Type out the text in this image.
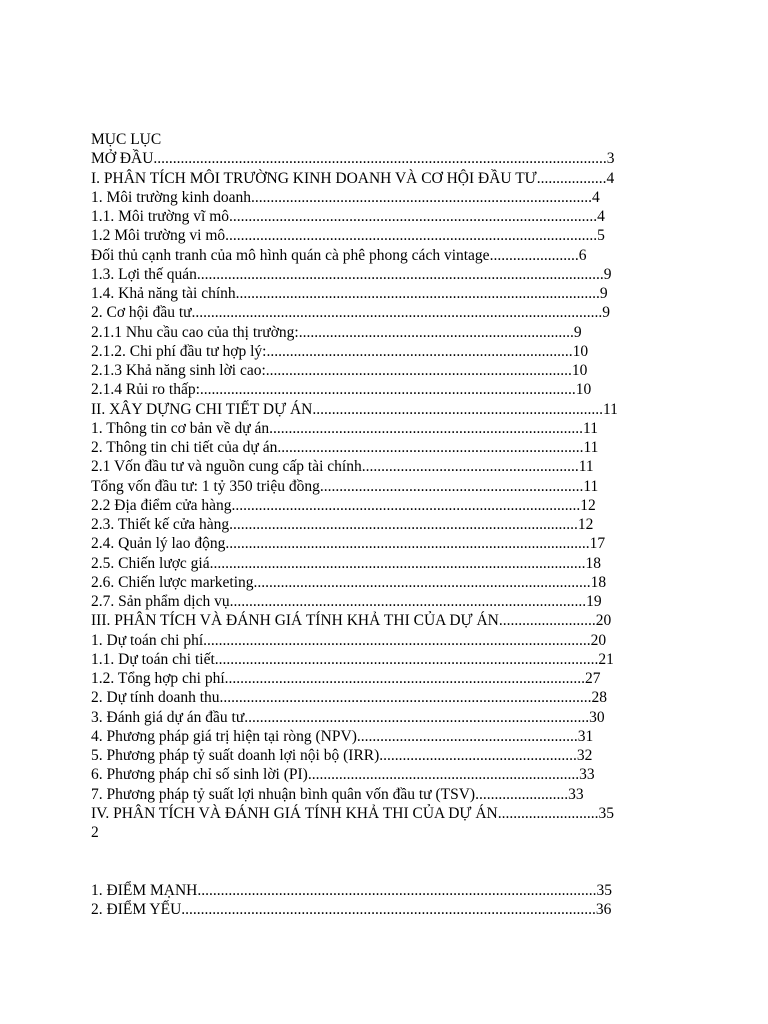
MỤC LỤC
MỞ ĐẦU.....................................................................................................................3
I. PHÂN TÍCH MÔI TRƯỜNG KINH DOANH VÀ CƠ HỘI ĐẦU TƯ..................4
1. Môi trường kinh doanh........................................................................................4
1.1. Môi trường vĩ mô...............................................................................................4
1.2 Môi trường vi mô................................................................................................5
Đối thủ cạnh tranh của mô hình quán cà phê phong cách vintage.......................6
1.3. Lợi thế quán.........................................................................................................9
1.4. Khả năng tài chính..............................................................................................9
2. Cơ hội đầu tư..........................................................................................................9
2.1.1 Nhu cầu cao của thị trường:.......................................................................9
2.1.2. Chi phí đầu tư hợp lý:...............................................................................10
2.1.3 Khả năng sinh lời cao:...............................................................................10
2.1.4 Rủi ro thấp:.................................................................................................10
II. XÂY DỰNG CHI TIẾT DỰ ÁN...........................................................................11
1. Thông tin cơ bản về dự án.................................................................................11
2. Thông tin chi tiết của dự án...............................................................................11
2.1 Vốn đầu tư và nguồn cung cấp tài chính........................................................11
Tổng vốn đầu tư: 1 tỷ 350 triệu đồng....................................................................11
2.2 Địa điểm cửa hàng..........................................................................................12
2.3. Thiết kế cửa hàng..........................................................................................12
2.4. Quản lý lao động..............................................................................................17
2.5. Chiến lược giá.................................................................................................18
2.6. Chiến lược marketing.......................................................................................18
2.7. Sản phẩm dịch vụ............................................................................................19
III. PHÂN TÍCH VÀ ĐÁNH GIÁ TÍNH KHẢ THI CỦA DỰ ÁN.........................20
1. Dự toán chi phí....................................................................................................20
1.1. Dự toán chi tiết...................................................................................................21
1.2. Tổng hợp chi phí.............................................................................................27
2. Dự tính doanh thu................................................................................................28
3. Đánh giá dự án đầu tư.........................................................................................30
4. Phương pháp giá trị hiện tại ròng (NPV).........................................................31
5. Phương pháp tỷ suất doanh lợi nội bộ (IRR)...................................................32
6. Phương pháp chỉ số sinh lời (PI)......................................................................33
7. Phương pháp tỷ suất lợi nhuận bình quân vốn đầu tư (TSV)........................33
IV. PHÂN TÍCH VÀ ĐÁNH GIÁ TÍNH KHẢ THI CỦA DỰ ÁN..........................35
2
1. ĐIỂM MẠNH.......................................................................................................35
2. ĐIỂM YẾU...........................................................................................................36
